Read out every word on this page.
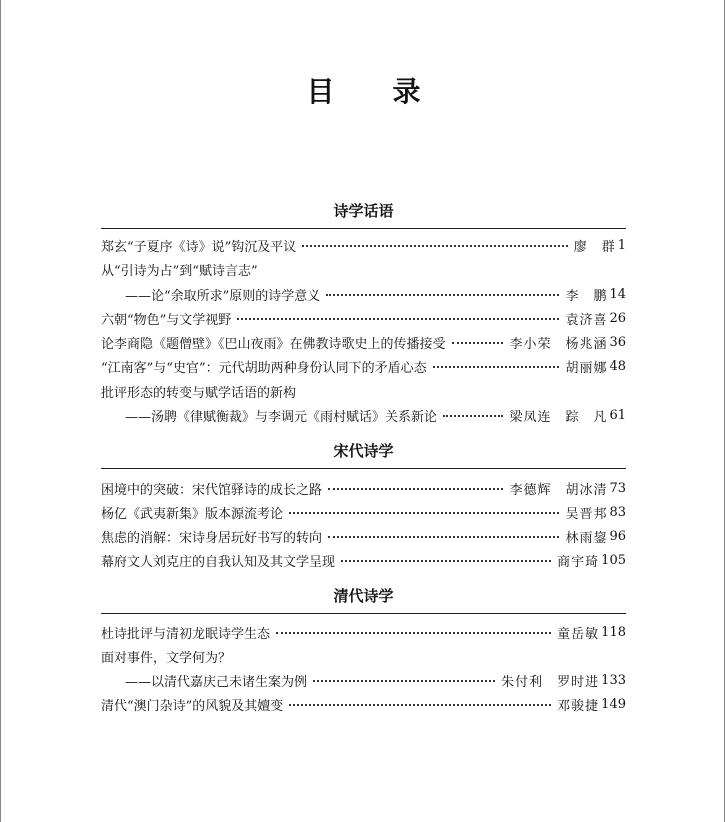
目 录
诗学话语
郑玄“子夏序《诗》说”钩沉及平议	廖　群 1
从“引诗为占”到“赋诗言志”
——论“余取所求”原则的诗学意义	李　鹏 14
六朝“物色”与文学视野	袁济喜 26
论李商隐《题僧壁》《巴山夜雨》在佛教诗歌史上的传播接受	李小荣　杨兆涵 36
“江南客”与“史官”：元代胡助两种身份认同下的矛盾心态	胡丽娜 48
批评形态的转变与赋学话语的新构
——汤聘《律赋衡裁》与李调元《雨村赋话》关系新论	梁凤连　踪　凡 61
宋代诗学
困境中的突破：宋代馆驿诗的成长之路	李德辉　胡冰清 73
杨亿《武夷新集》版本源流考论	吴晋邦 83
焦虑的消解：宋诗身居玩好书写的转向	林雨鋆 96
幕府文人刘克庄的自我认知及其文学呈现	商宇琦 105
清代诗学
杜诗批评与清初龙眠诗学生态	童岳敏 118
面对事件，文学何为？
——以清代嘉庆己未诸生案为例	朱付利　罗时进 133
清代“澳门杂诗”的风貌及其嬗变	邓骏捷 149
